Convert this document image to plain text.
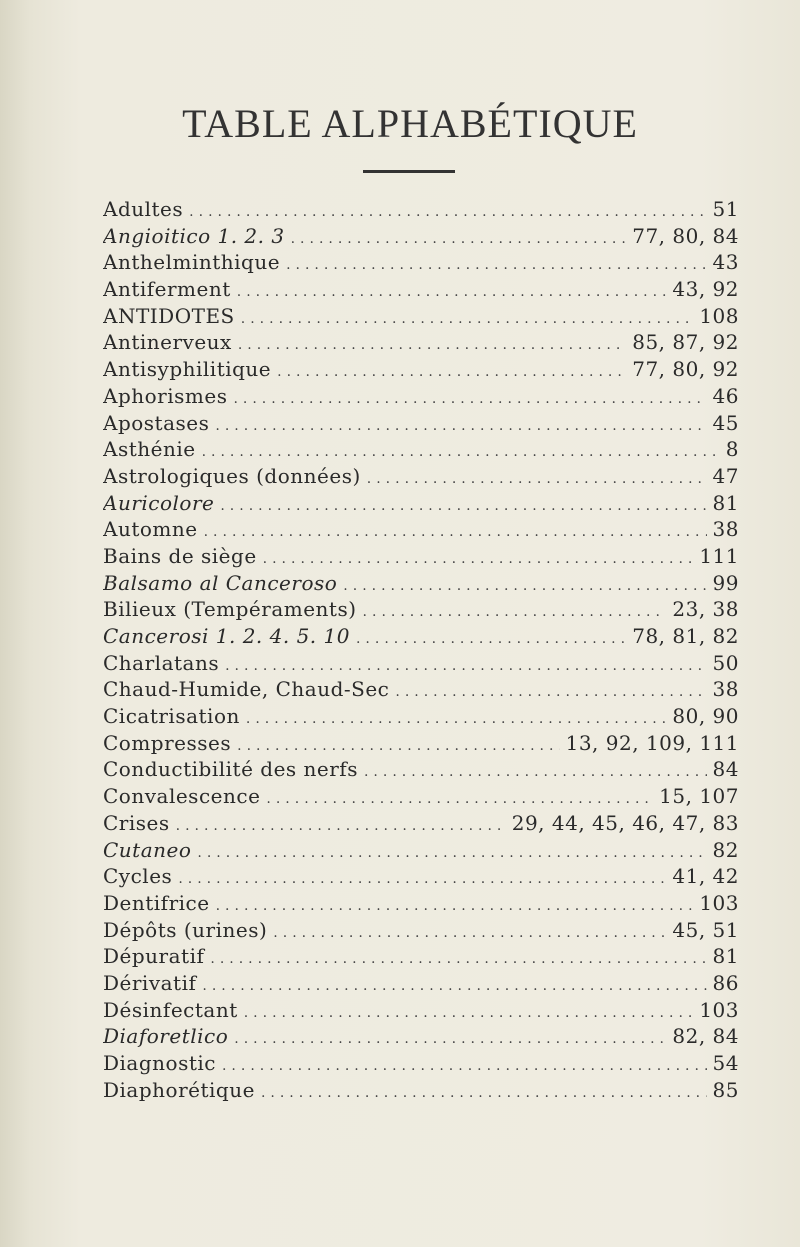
TABLE ALPHABÉTIQUE
Adultes .....	51
Angioitico 1. 2. 3 .....	77, 80, 84
Anthelminthique .....	43
Antiferment .....	43, 92
ANTIDOTES .....	108
Antinerveux .....	85, 87, 92
Antisyphilitique .....	77, 80, 92
Aphorismes .....	46
Apostases .....	45
Asthénie .....	8
Astrologiques (données) .....	47
Auricolore .....	81
Automne .....	38
Bains de siège .....	111
Balsamo al Canceroso .....	99
Bilieux (Tempéraments) .....	23, 38
Cancerosi 1. 2. 4. 5. 10 .....	78, 81, 82
Charlatans .....	50
Chaud-Humide, Chaud-Sec .....	38
Cicatrisation .....	80, 90
Compresses .....	13, 92, 109, 111
Conductibilité des nerfs .....	84
Convalescence .....	15, 107
Crises .....	29, 44, 45, 46, 47, 83
Cutaneo .....	82
Cycles .....	41, 42
Dentifrice .....	103
Dépôts (urines) .....	45, 51
Dépuratif .....	81
Dérivatif .....	86
Désinfectant .....	103
Diaforetlico .....	82, 84
Diagnostic .....	54
Diaphorétique .....	85
